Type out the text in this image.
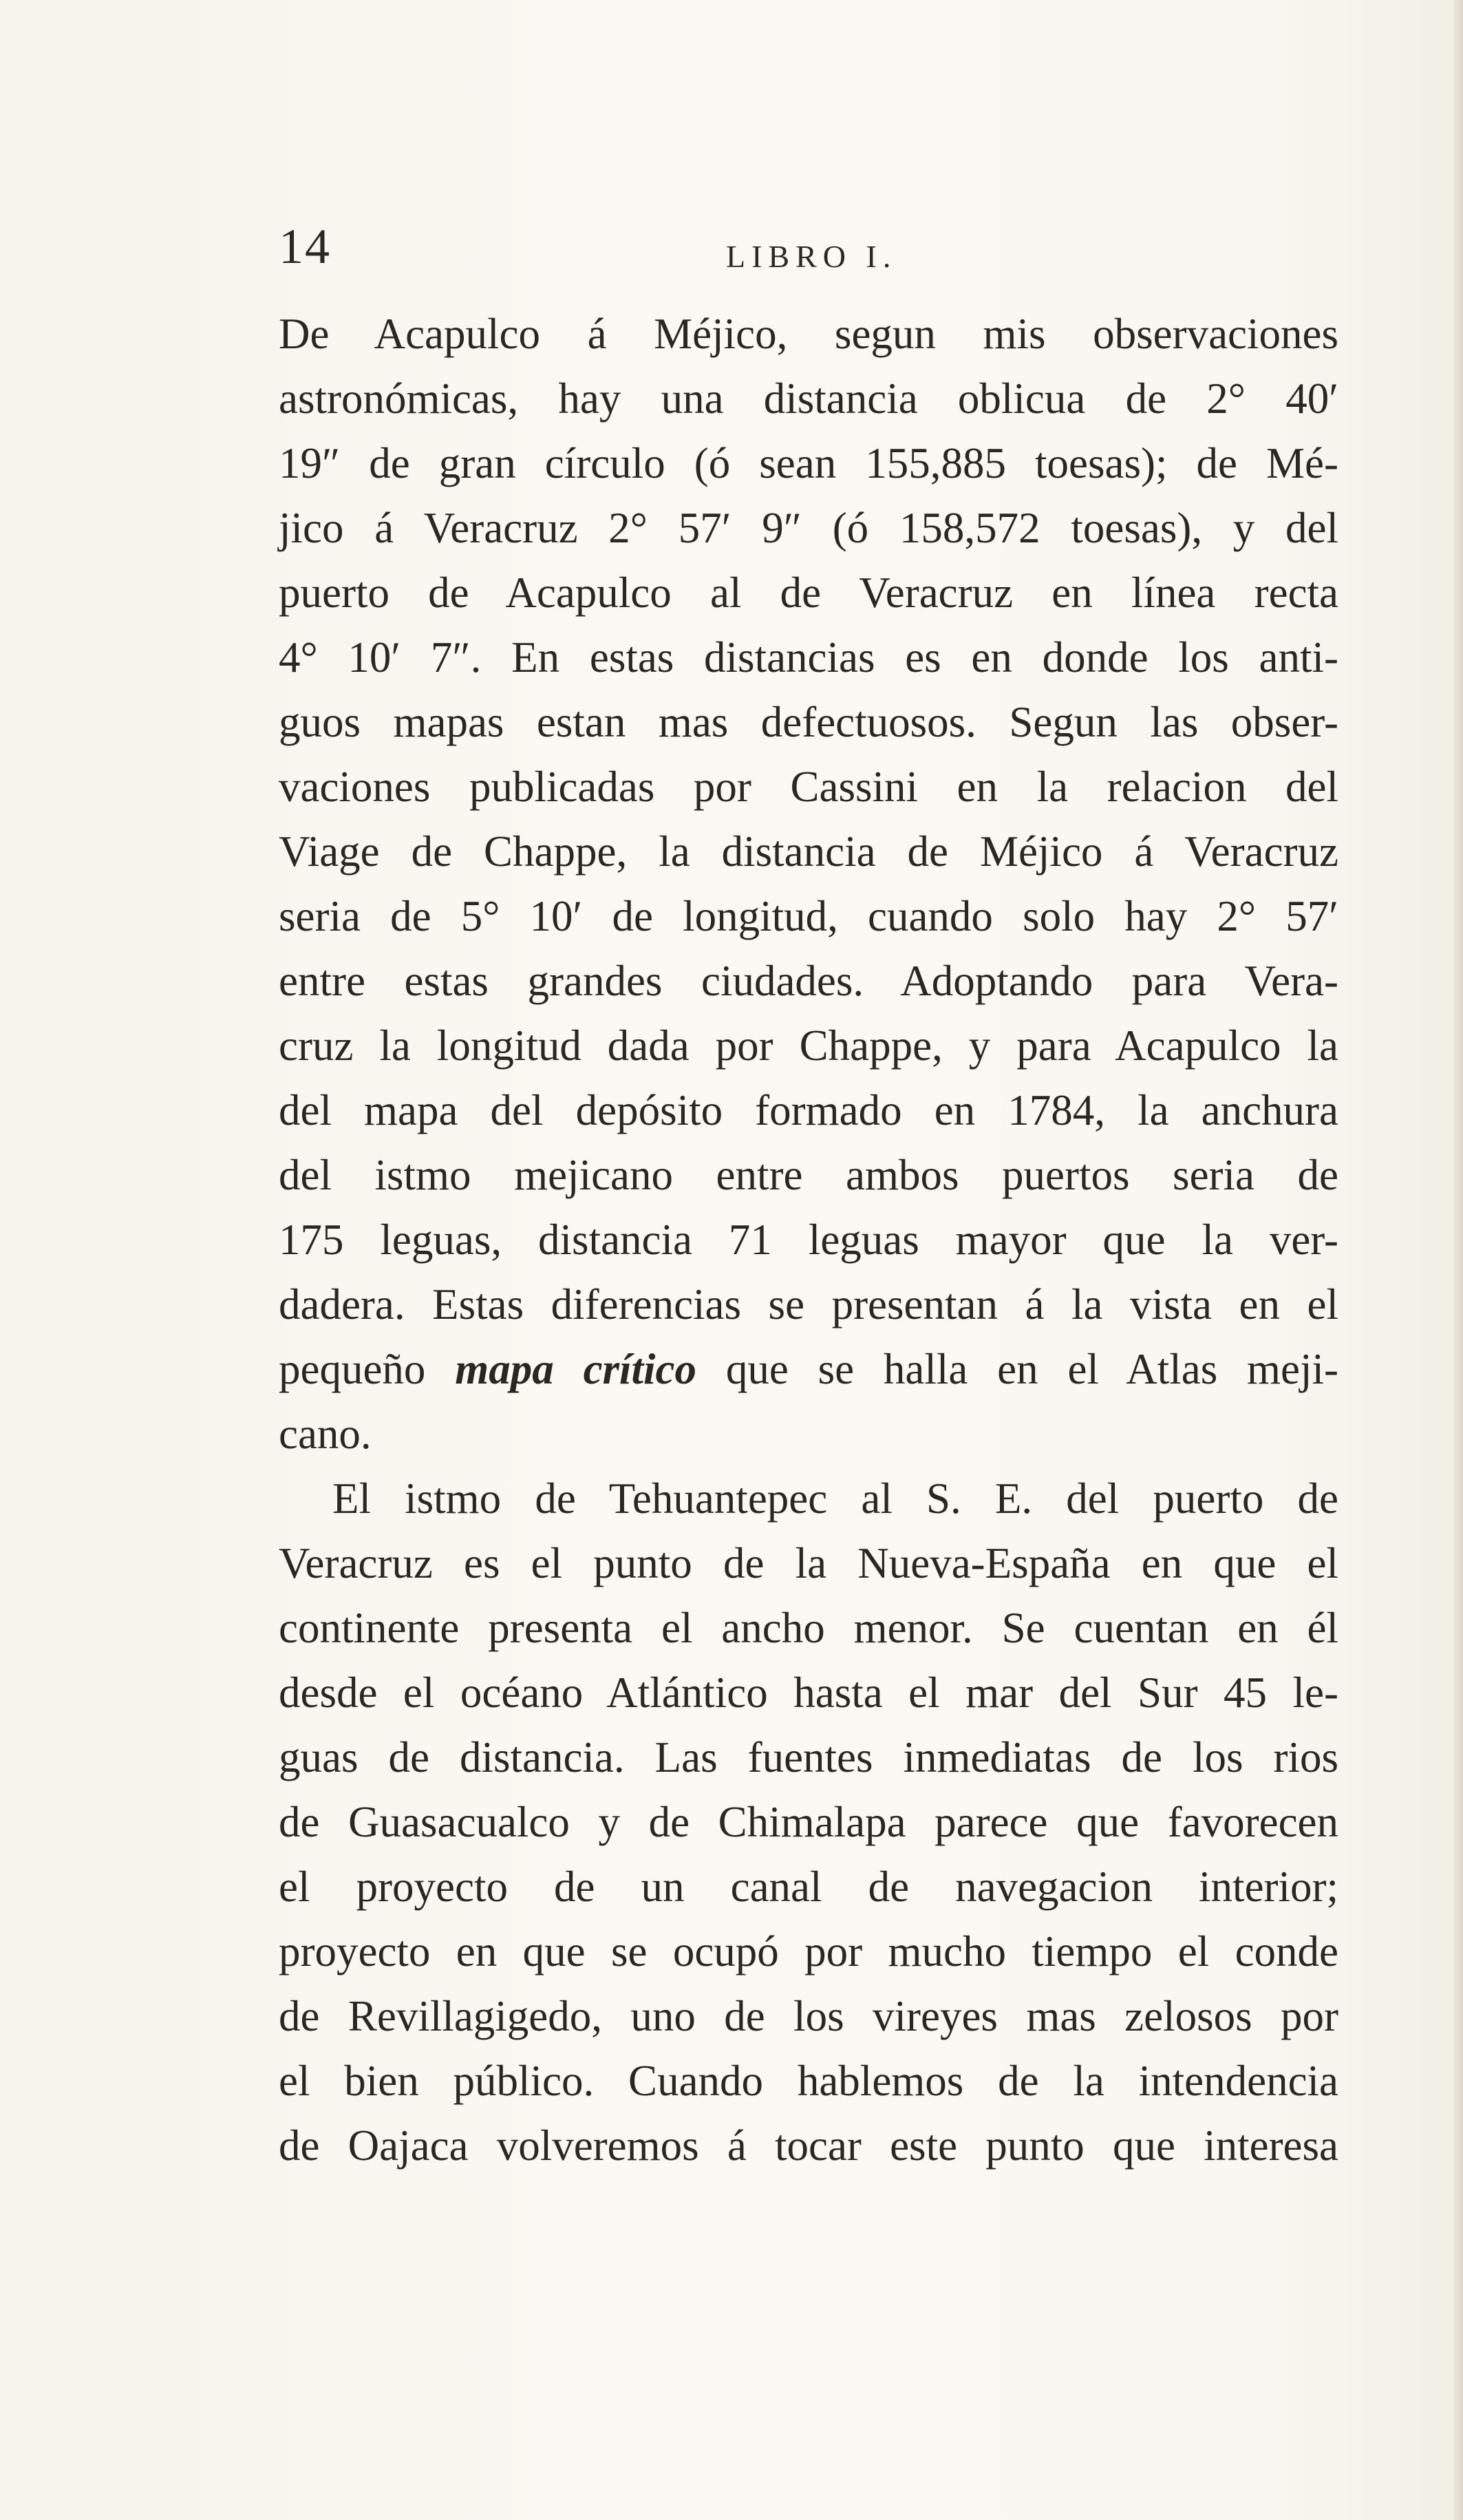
14	LIBRO I.
De Acapulco á Méjico, segun mis observaciones
astronómicas, hay una distancia oblicua de 2° 40′
19″ de gran círculo (ó sean 155,885 toesas); de Mé-
jico á Veracruz 2° 57′ 9″ (ó 158,572 toesas), y del
puerto de Acapulco al de Veracruz en línea recta
4° 10′ 7″. En estas distancias es en donde los anti-
guos mapas estan mas defectuosos. Segun las obser-
vaciones publicadas por Cassini en la relacion del
Viage de Chappe, la distancia de Méjico á Veracruz
seria de 5° 10′ de longitud, cuando solo hay 2° 57′
entre estas grandes ciudades. Adoptando para Vera-
cruz la longitud dada por Chappe, y para Acapulco la
del mapa del depósito formado en 1784, la anchura
del istmo mejicano entre ambos puertos seria de
175 leguas, distancia 71 leguas mayor que la ver-
dadera. Estas diferencias se presentan á la vista en el
pequeño mapa crítico que se halla en el Atlas meji-
cano.
El istmo de Tehuantepec al S. E. del puerto de
Veracruz es el punto de la Nueva-España en que el
continente presenta el ancho menor. Se cuentan en él
desde el océano Atlántico hasta el mar del Sur 45 le-
guas de distancia. Las fuentes inmediatas de los rios
de Guasacualco y de Chimalapa parece que favorecen
el proyecto de un canal de navegacion interior;
proyecto en que se ocupó por mucho tiempo el conde
de Revillagigedo, uno de los vireyes mas zelosos por
el bien público. Cuando hablemos de la intendencia
de Oajaca volveremos á tocar este punto que interesa
